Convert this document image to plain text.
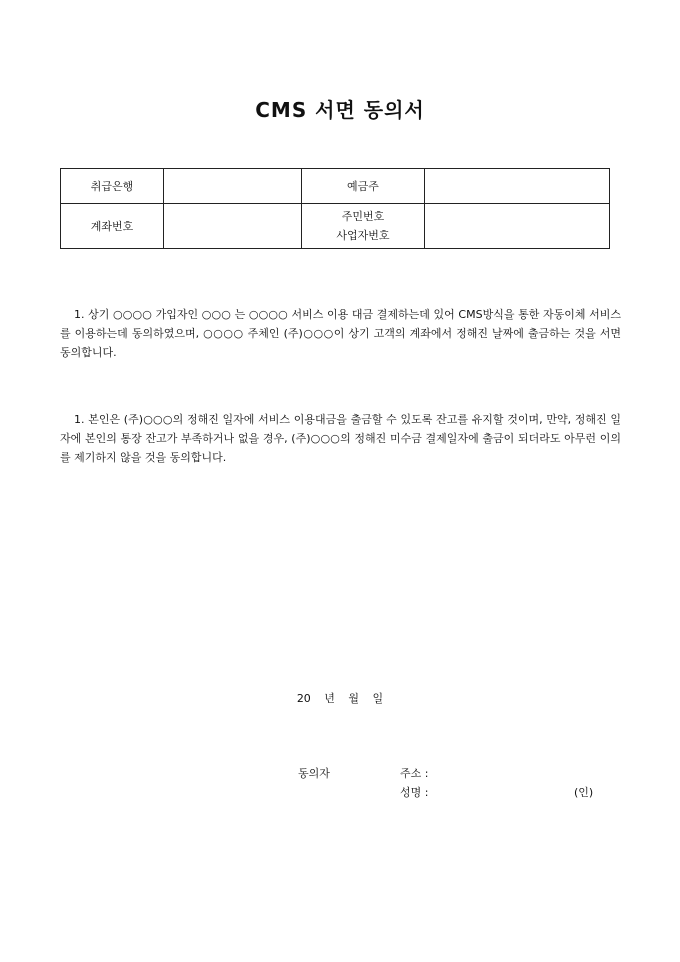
CMS 서면 동의서
취급은행		예금주	
계좌번호		주민번호
사업자번호	

1. 상기 ○○○○ 가입자인 ○○○ 는 ○○○○ 서비스 이용 대금 결제하는데 있어 CMS방식을 통한 자동이체 서비스를 이용하는데 동의하였으며, ○○○○ 주체인 (주)○○○이 상기 고객의 계좌에서 정해진 날짜에 출금하는 것을 서면 동의합니다.
1. 본인은 (주)○○○의 정해진 일자에 서비스 이용대금을 출금할 수 있도록 잔고를 유지할 것이며, 만약, 정해진 일자에 본인의 통장 잔고가 부족하거나 없을 경우, (주)○○○의 정해진 미수금 결제일자에 출금이 되더라도 아무런 이의를 제기하지 않을 것을 동의합니다.
20 년 월 일
동의자	주소 :
성명 :	(인)
